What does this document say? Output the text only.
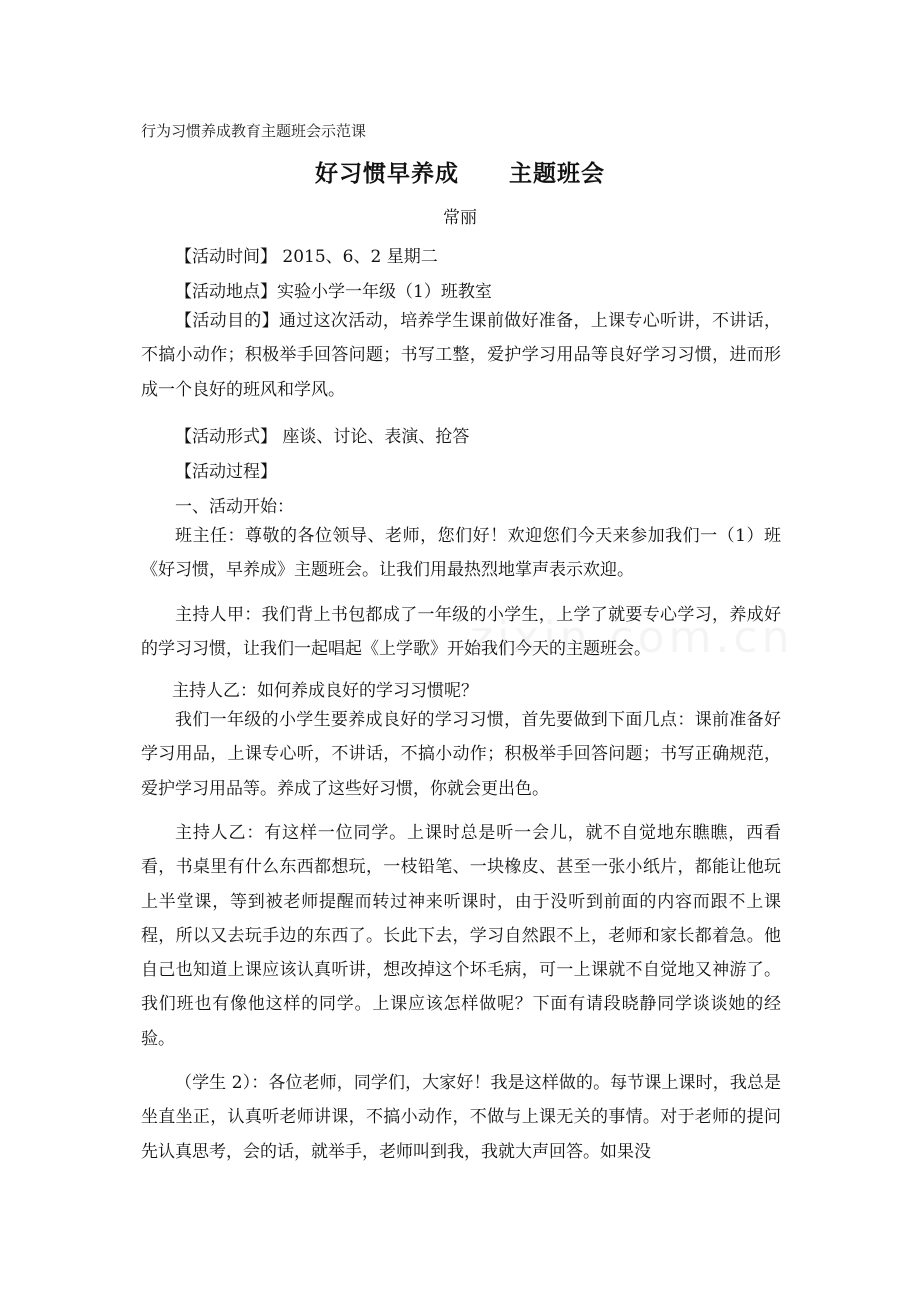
行为习惯养成教育主题班会示范课
好习惯早养成 主题班会
常丽
【活动时间】 2015、6、2 星期二
【活动地点】实验小学一年级（1）班教室
【活动目的】通过这次活动，培养学生课前做好准备，上课专心听讲，不讲话，不搞小动作；积极举手回答问题；书写工整，爱护学习用品等良好学习习惯，进而形成一个良好的班风和学风。
【活动形式】 座谈、讨论、表演、抢答
【活动过程】
一、活动开始：
班主任：尊敬的各位领导、老师，您们好！欢迎您们今天来参加我们一（1）班《好习惯，早养成》主题班会。让我们用最热烈地掌声表示欢迎。
主持人甲：我们背上书包都成了一年级的小学生，上学了就要专心学习，养成好的学习习惯，让我们一起唱起《上学歌》开始我们今天的主题班会。
主持人乙：如何养成良好的学习习惯呢？
我们一年级的小学生要养成良好的学习习惯，首先要做到下面几点：课前准备好学习用品，上课专心听，不讲话，不搞小动作；积极举手回答问题；书写正确规范，爱护学习用品等。养成了这些好习惯，你就会更出色。
主持人乙：有这样一位同学。上课时总是听一会儿，就不自觉地东瞧瞧，西看看，书桌里有什么东西都想玩，一枝铅笔、一块橡皮、甚至一张小纸片，都能让他玩上半堂课，等到被老师提醒而转过神来听课时，由于没听到前面的内容而跟不上课程，所以又去玩手边的东西了。长此下去，学习自然跟不上，老师和家长都着急。他自己也知道上课应该认真听讲，想改掉这个坏毛病，可一上课就不自觉地又神游了。我们班也有像他这样的同学。上课应该怎样做呢？下面有请段晓静同学谈谈她的经验。
（学生 2）：各位老师，同学们，大家好！我是这样做的。每节课上课时，我总是坐直坐正，认真听老师讲课，不搞小动作，不做与上课无关的事情。对于老师的提问先认真思考，会的话，就举手，老师叫到我，我就大声回答。如果没
